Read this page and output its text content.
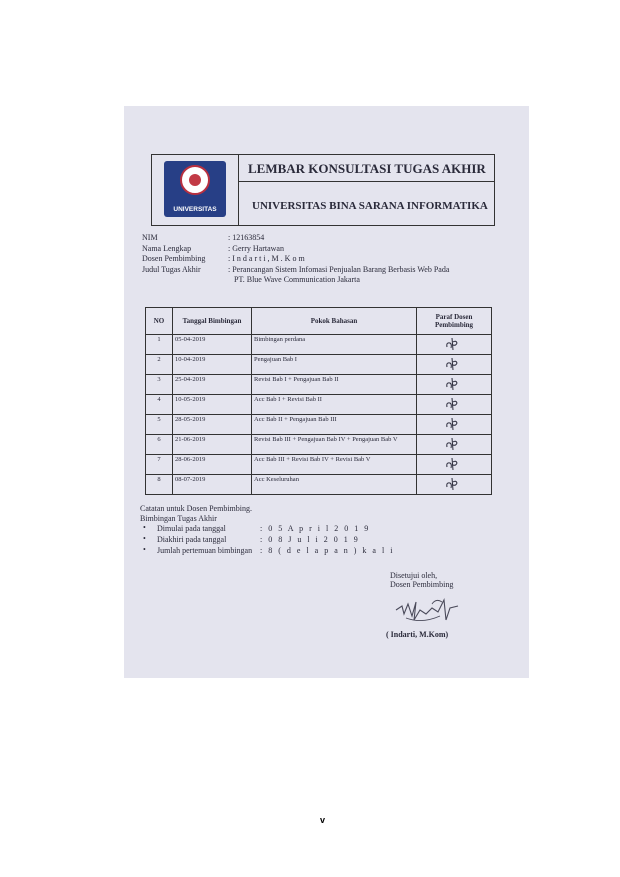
UNIVERSITAS
LEMBAR KONSULTASI TUGAS AKHIR
UNIVERSITAS BINA SARANA INFORMATIKA
NIM	: 12163854
Nama Lengkap	: Gerry Hartawan
Dosen Pembimbing	: I n d a r t i , M . K o m
Judul Tugas Akhir	: Perancangan Sistem Infomasi Penjualan Barang Berbasis Web Pada
PT. Blue Wave Communication Jakarta
NO	Tanggal Bimbingan	Pokok Bahasan	Paraf Dosen Pembimbing
1	05-04-2019	Bimbingan perdana	

2	10-04-2019	Pengajuan Bab I	

3	25-04-2019	Revisi Bab I + Pengajuan Bab II	

4	10-05-2019	Acc Bab I + Revisi Bab II	

5	28-05-2019	Acc Bab II + Pengajuan Bab III	

6	21-06-2019	Revisi Bab III + Pengajuan Bab IV + Pengajuan Bab V	

7	28-06-2019	Acc Bab III + Revisi Bab IV + Revisi Bab V	

8	08-07-2019	Acc Keseluruhan	
Catatan untuk Dosen Pembimbing.
Bimbingan Tugas Akhir
• Dimulai pada tanggal	: 0 5 A p r i l 2 0 1 9
• Diakhiri pada tanggal	: 0 8 J u l i 2 0 1 9
• Jumlah pertemuan bimbingan : 8 ( d e l a p a n ) k a l i
Disetujui oleh,
Dosen Pembimbing
( Indarti, M.Kom)
v
